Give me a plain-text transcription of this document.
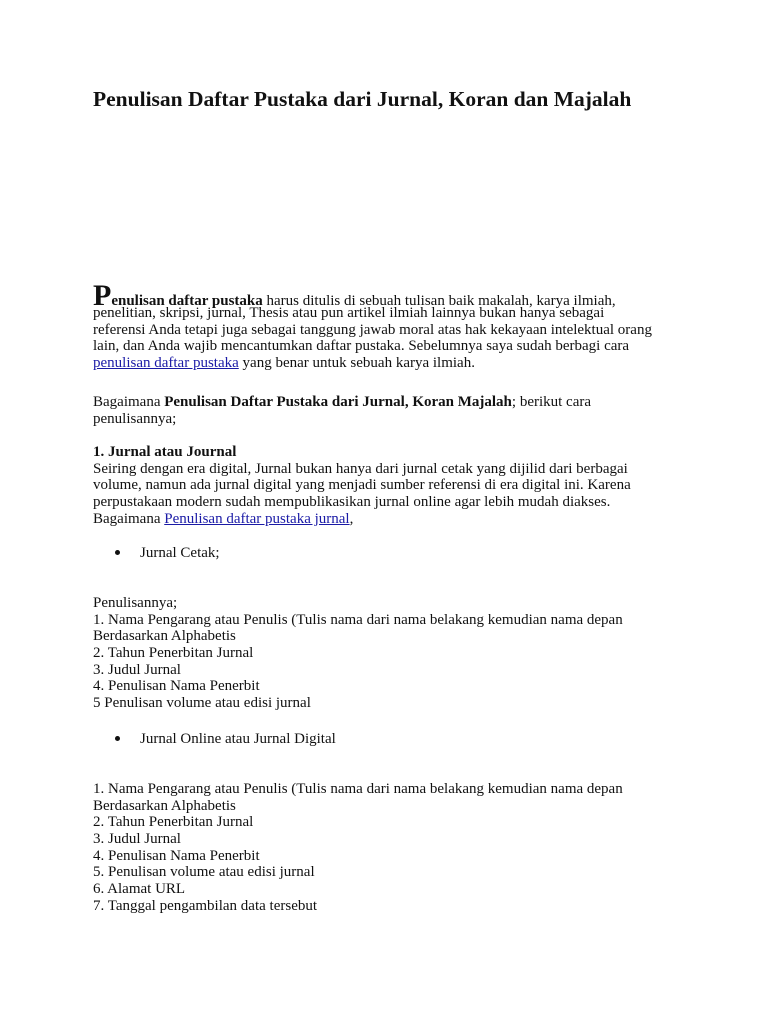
Penulisan Daftar Pustaka dari Jurnal, Koran dan Majalah
Penulisan daftar pustaka harus ditulis di sebuah tulisan baik makalah, karya ilmiah,
penelitian, skripsi, jurnal, Thesis atau pun artikel ilmiah lainnya bukan hanya sebagai
referensi Anda tetapi juga sebagai tanggung jawab moral atas hak kekayaan intelektual orang
lain, dan Anda wajib mencantumkan daftar pustaka. Sebelumnya saya sudah berbagi cara
penulisan daftar pustaka yang benar untuk sebuah karya ilmiah.
Bagaimana Penulisan Daftar Pustaka dari Jurnal, Koran Majalah; berikut cara
penulisannya;
1. Jurnal atau Journal
Seiring dengan era digital, Jurnal bukan hanya dari jurnal cetak yang dijilid dari berbagai
volume, namun ada jurnal digital yang menjadi sumber referensi di era digital ini. Karena
perpustakaan modern sudah mempublikasikan jurnal online agar lebih mudah diakses.
Bagaimana Penulisan daftar pustaka jurnal,
Jurnal Cetak;
Penulisannya;
1. Nama Pengarang atau Penulis (Tulis nama dari nama belakang kemudian nama depan
Berdasarkan Alphabetis
2. Tahun Penerbitan Jurnal
3. Judul Jurnal
4. Penulisan Nama Penerbit
5 Penulisan volume atau edisi jurnal
Jurnal Online atau Jurnal Digital
1. Nama Pengarang atau Penulis (Tulis nama dari nama belakang kemudian nama depan
Berdasarkan Alphabetis
2. Tahun Penerbitan Jurnal
3. Judul Jurnal
4. Penulisan Nama Penerbit
5. Penulisan volume atau edisi jurnal
6. Alamat URL
7. Tanggal pengambilan data tersebut
